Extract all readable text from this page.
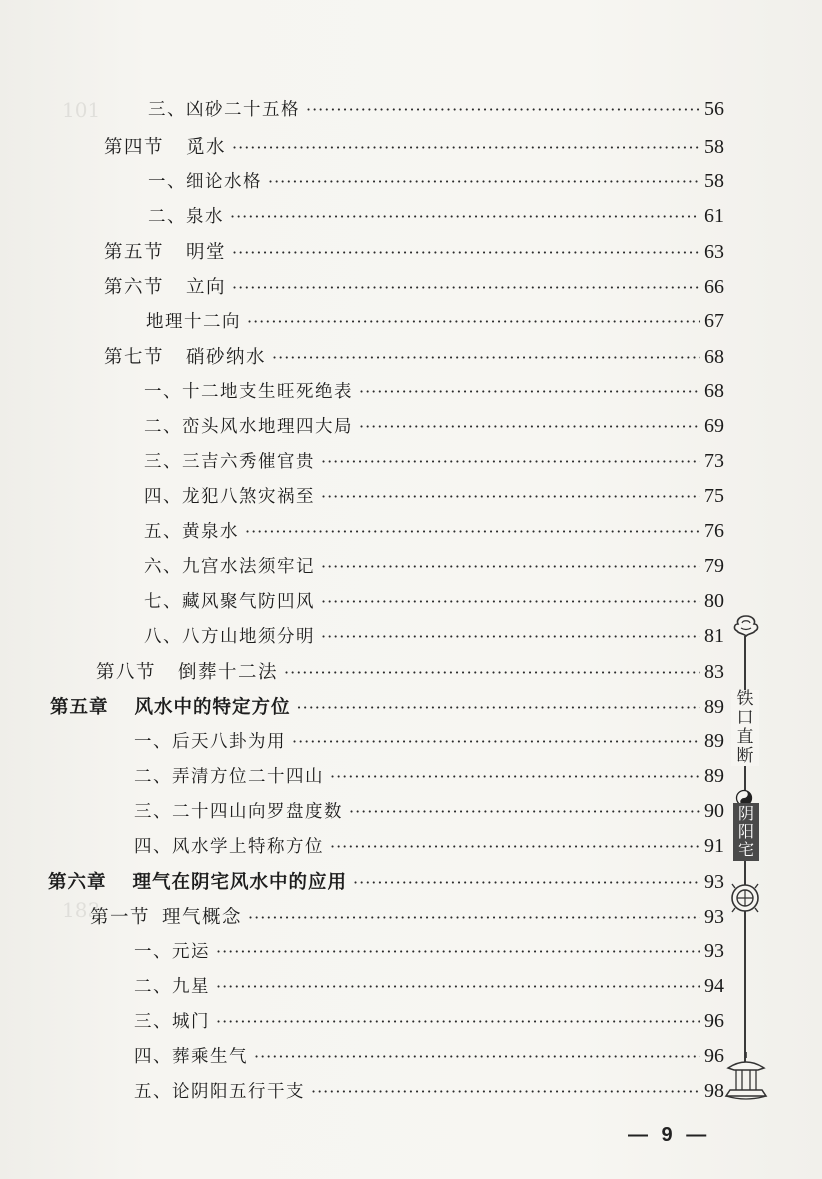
101
183
三、凶砂二十五格 ·····	56
第四节 觅水 ·····	58
一、细论水格 ·····	58
二、泉水 ·····	61
第五节 明堂 ·····	63
第六节 立向 ·····	66
地理十二向 ·····	67
第七节 硝砂纳水 ·····	68
一、十二地支生旺死绝表 ·····	68
二、峦头风水地理四大局 ·····	69
三、三吉六秀催官贵 ·····	73
四、龙犯八煞灾祸至 ·····	75
五、黄泉水 ·····	76
六、九宫水法须牢记 ·····	79
七、藏风聚气防凹风 ·····	80
八、八方山地须分明 ·····	81
第八节 倒葬十二法 ·····	83
第五章 风水中的特定方位 ·····	89
一、后天八卦为用 ·····	89
二、弄清方位二十四山 ·····	89
三、二十四山向罗盘度数 ·····	90
四、风水学上特称方位 ·····	91
第六章 理气在阴宅风水中的应用 ·····	93
第一节 理气概念 ·····	93
一、元运 ·····	93
二、九星 ·····	94
三、城门 ·····	96
四、葬乘生气 ·····	96
五、论阴阳五行干支 ·····	98
— 9 —
铁
口
直
断
阴
阳
宅
